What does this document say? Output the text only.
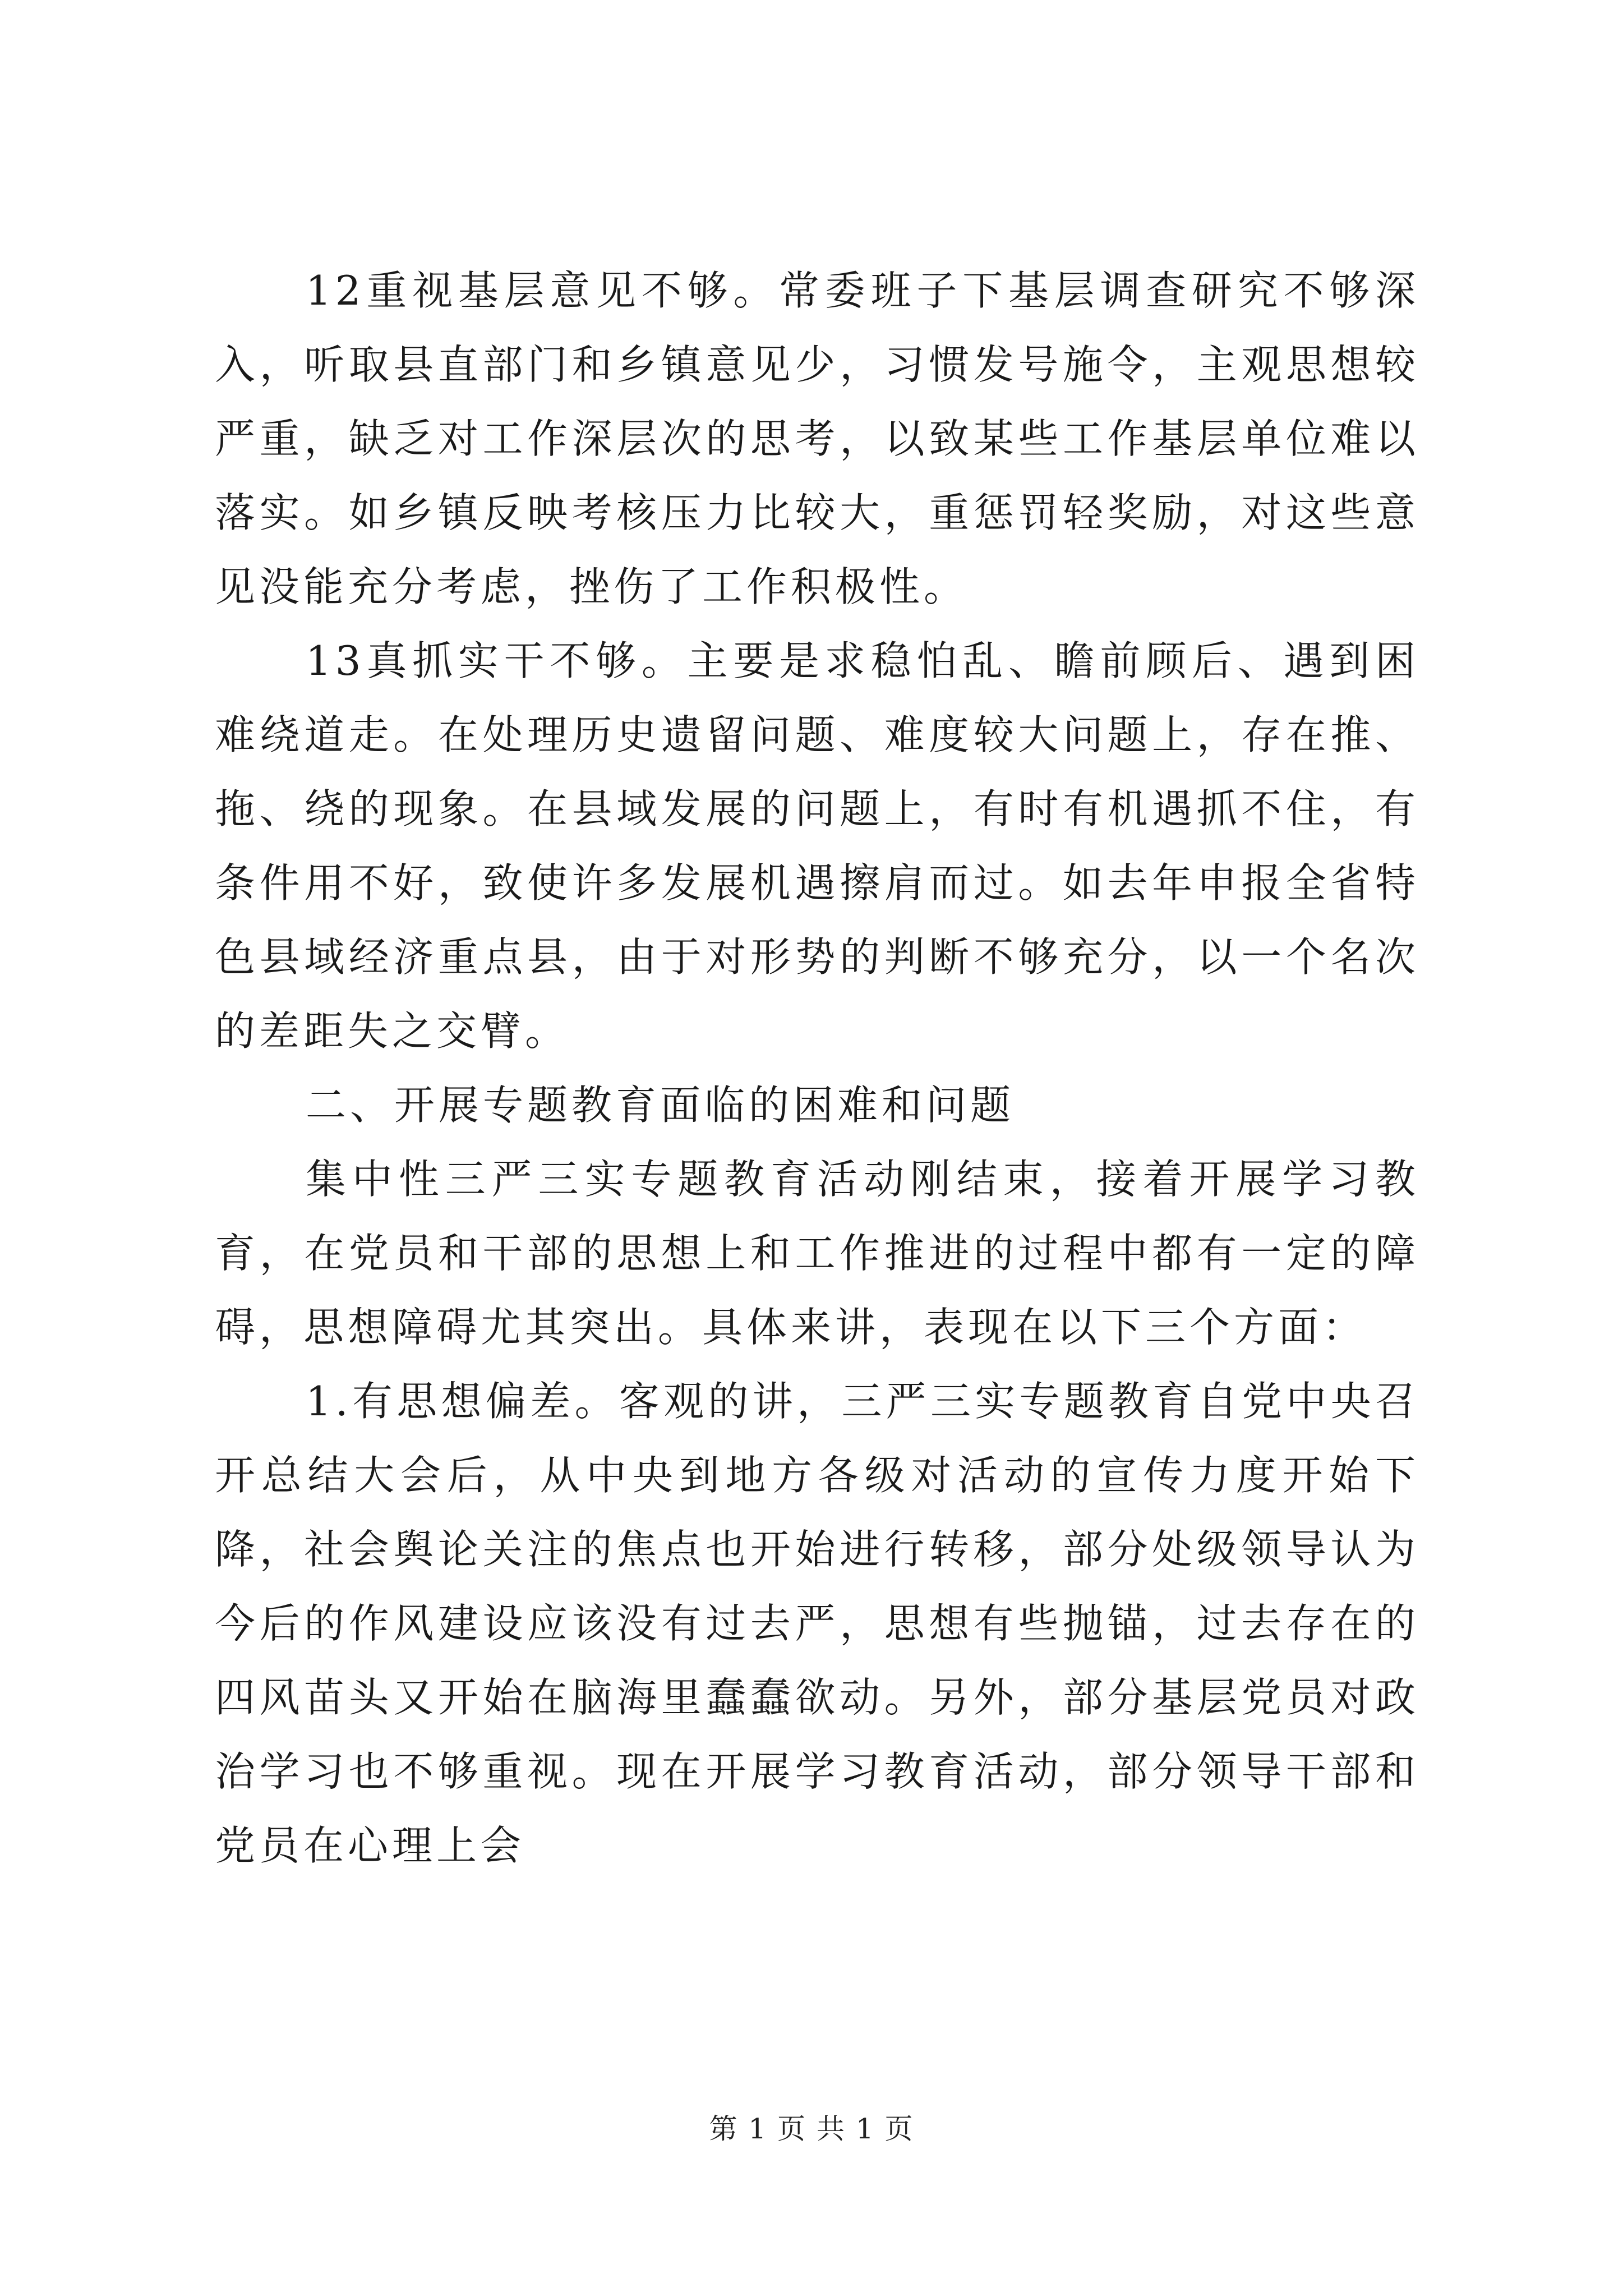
12重视基层意见不够。常委班子下基层调查研究不够深入，听取县直部门和乡镇意见少，习惯发号施令，主观思想较严重，缺乏对工作深层次的思考，以致某些工作基层单位难以落实。如乡镇反映考核压力比较大，重惩罚轻奖励，对这些意见没能充分考虑，挫伤了工作积极性。

13真抓实干不够。主要是求稳怕乱、瞻前顾后、遇到困难绕道走。在处理历史遗留问题、难度较大问题上，存在推、拖、绕的现象。在县域发展的问题上，有时有机遇抓不住，有条件用不好，致使许多发展机遇擦肩而过。如去年申报全省特色县域经济重点县，由于对形势的判断不够充分，以一个名次的差距失之交臂。

二、开展专题教育面临的困难和问题

集中性三严三实专题教育活动刚结束，接着开展学习教育，在党员和干部的思想上和工作推进的过程中都有一定的障碍，思想障碍尤其突出。具体来讲，表现在以下三个方面：

1.有思想偏差。客观的讲，三严三实专题教育自党中央召开总结大会后，从中央到地方各级对活动的宣传力度开始下降，社会舆论关注的焦点也开始进行转移，部分处级领导认为今后的作风建设应该没有过去严，思想有些抛锚，过去存在的四风苗头又开始在脑海里蠢蠢欲动。另外，部分基层党员对政治学习也不够重视。现在开展学习教育活动，部分领导干部和党员在心理上会

第 1 页 共 1 页
